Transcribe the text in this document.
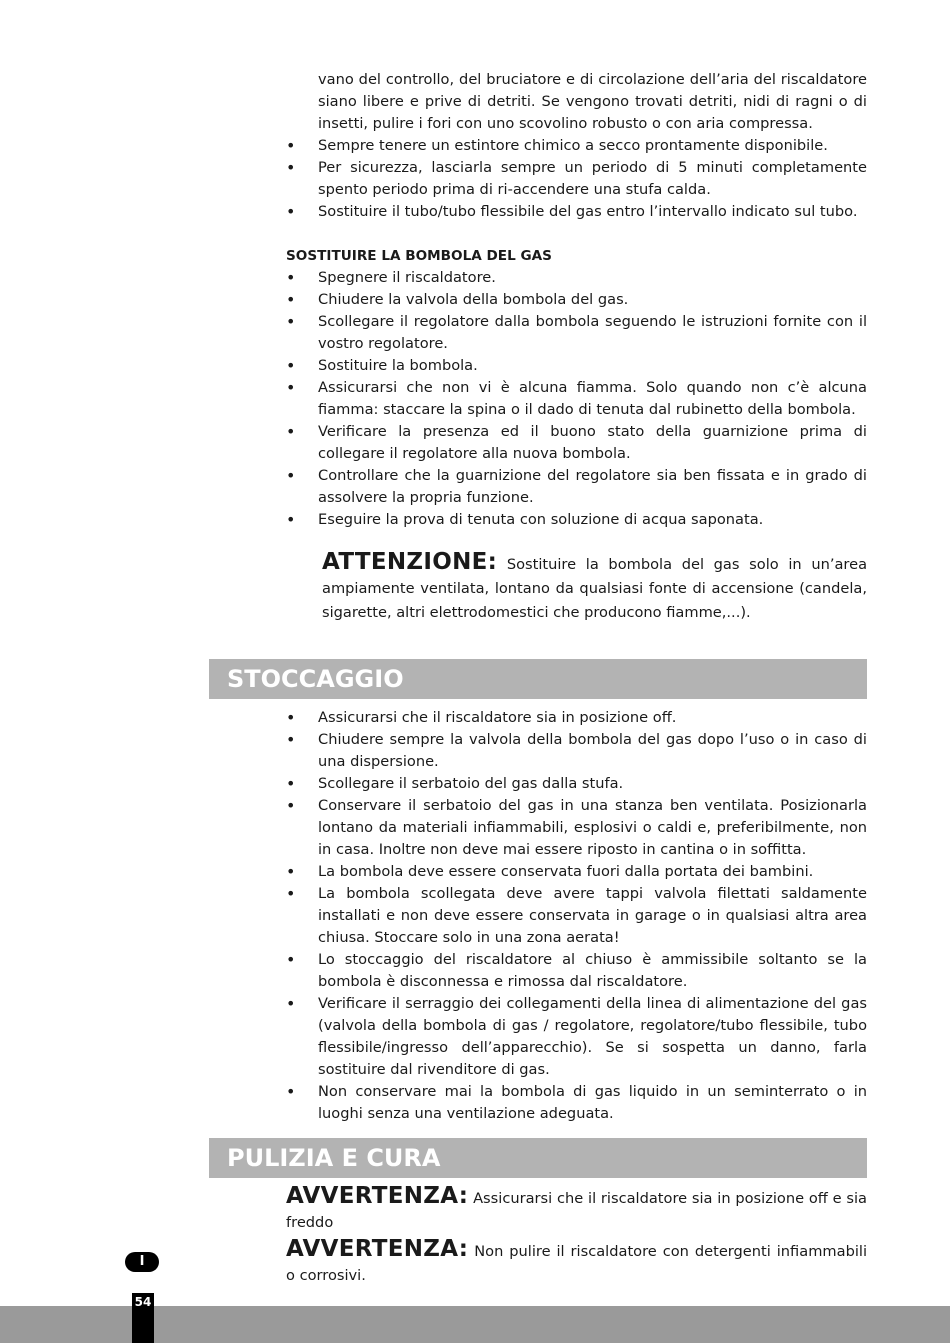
vano del controllo, del bruciatore e di circolazione dell’aria del riscaldatore siano libere e prive di detriti. Se vengono trovati detriti, nidi di ragni o di insetti, pulire i fori con uno scovolino robusto o con aria compressa.
• Sempre tenere un estintore chimico a secco prontamente disponibile.
• Per sicurezza, lasciarla sempre un periodo di 5 minuti completamente spento periodo prima di ri-accendere una stufa calda.
• Sostituire il tubo/tubo flessibile del gas entro l’intervallo indicato sul tubo.
SOSTITUIRE LA BOMBOLA DEL GAS
• Spegnere il riscaldatore.
• Chiudere la valvola della bombola del gas.
• Scollegare il regolatore dalla bombola seguendo le istruzioni fornite con il vostro regolatore.
• Sostituire la bombola.
• Assicurarsi che non vi è alcuna fiamma. Solo quando non c’è alcuna fiamma: staccare la spina o il dado di tenuta dal rubinetto della bombola.
• Verificare la presenza ed il buono stato della guarnizione prima di collegare il regolatore alla nuova bombola.
• Controllare che la guarnizione del regolatore sia ben fissata e in grado di assolvere la propria funzione.
• Eseguire la prova di tenuta con soluzione di acqua saponata.
ATTENZIONE: Sostituire la bombola del gas solo in un’area ampiamente ventilata, lontano da qualsiasi fonte di accensione (candela, sigarette, altri elettrodomestici che producono fiamme,...).
STOCCAGGIO
• Assicurarsi che il riscaldatore sia in posizione off.
• Chiudere sempre la valvola della bombola del gas dopo l’uso o in caso di una dispersione.
• Scollegare il serbatoio del gas dalla stufa.
• Conservare il serbatoio del gas in una stanza ben ventilata. Posizionarla lontano da materiali infiammabili, esplosivi o caldi e, preferibilmente, non in casa. Inoltre non deve mai essere riposto in cantina o in soffitta.
• La bombola deve essere conservata fuori dalla portata dei bambini.
• La bombola scollegata deve avere tappi valvola filettati saldamente installati e non deve essere conservata in garage o in qualsiasi altra area chiusa. Stoccare solo in una zona aerata!
• Lo stoccaggio del riscaldatore al chiuso è ammissibile soltanto se la bombola è disconnessa e rimossa dal riscaldatore.
• Verificare il serraggio dei collegamenti della linea di alimentazione del gas (valvola della bombola di gas / regolatore, regolatore/tubo flessibile, tubo flessibile/ingresso dell’apparecchio). Se si sospetta un danno, farla sostituire dal rivenditore di gas.
• Non conservare mai la bombola di gas liquido in un seminterrato o in luoghi senza una ventilazione adeguata.
PULIZIA E CURA
AVVERTENZA: Assicurarsi che il riscaldatore sia in posizione off e sia freddo
AVVERTENZA: Non pulire il riscaldatore con detergenti infiammabili o corrosivi.
I
54
